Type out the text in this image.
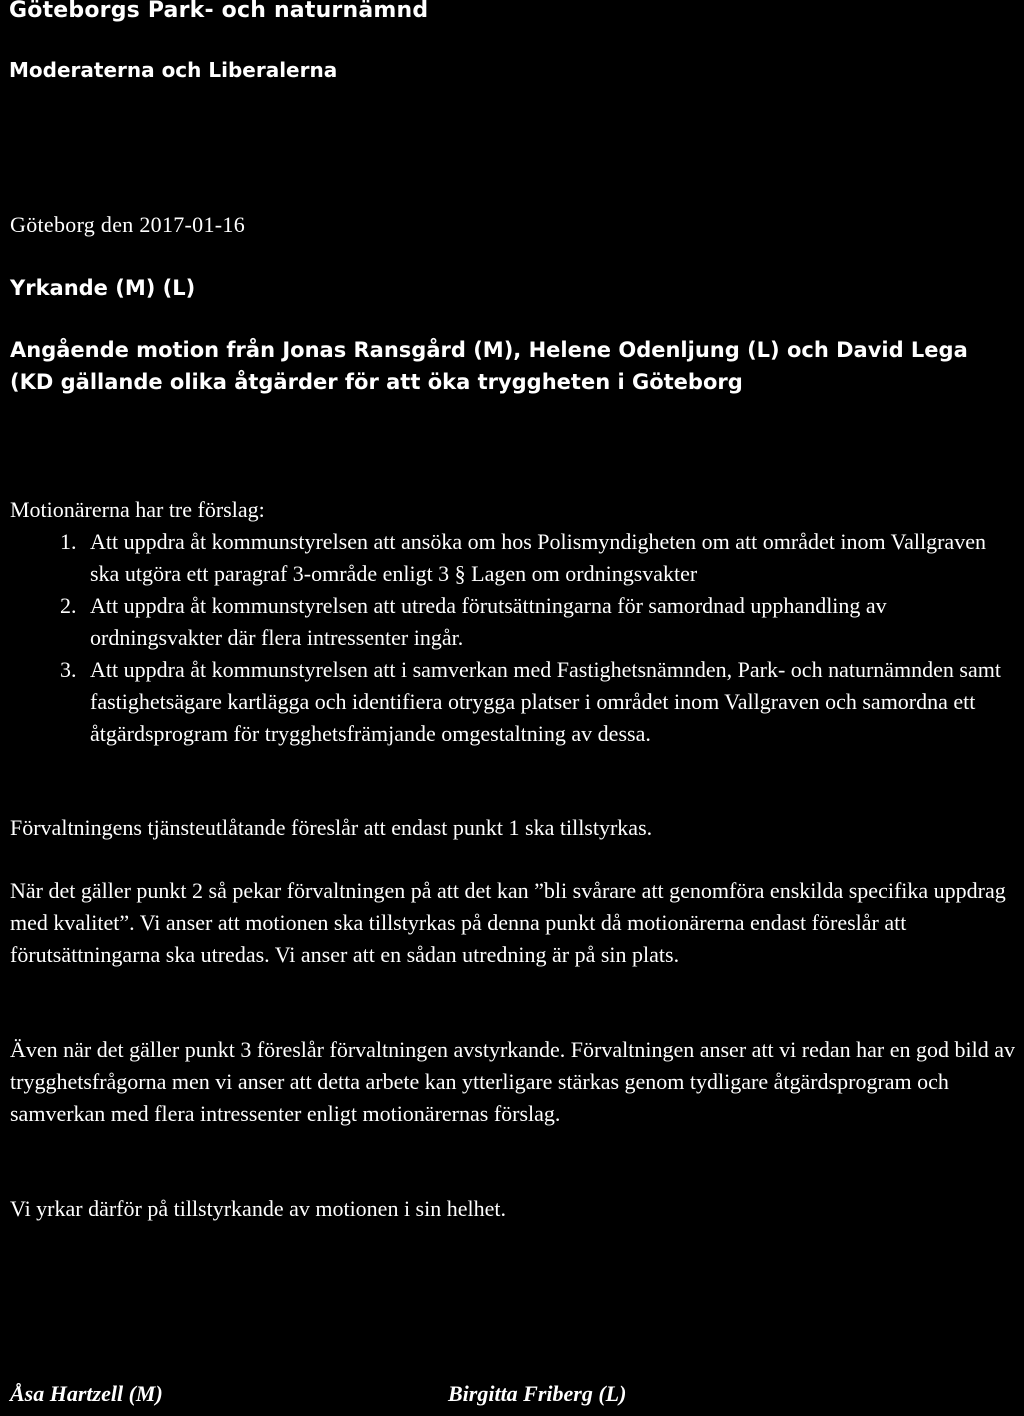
Göteborgs Park- och naturnämnd
Moderaterna och Liberalerna
Göteborg den 2017-01-16
Yrkande (M) (L)
Angående motion från Jonas Ransgård (M), Helene Odenljung (L) och David Lega (KD gällande olika åtgärder för att öka tryggheten i Göteborg
Motionärerna har tre förslag:
1. Att uppdra åt kommunstyrelsen att ansöka om hos Polismyndigheten om att området inom Vallgraven ska utgöra ett paragraf 3-område enligt 3 § Lagen om ordningsvakter
2. Att uppdra åt kommunstyrelsen att utreda förutsättningarna för samordnad upphandling av ordningsvakter där flera intressenter ingår.
3. Att uppdra åt kommunstyrelsen att i samverkan med Fastighetsnämnden, Park- och naturnämnden samt fastighetsägare kartlägga och identifiera otrygga platser i området inom Vallgraven och samordna ett åtgärdsprogram för trygghetsfrämjande omgestaltning av dessa.

Förvaltningens tjänsteutlåtande föreslår att endast punkt 1 ska tillstyrkas.

När det gäller punkt 2 så pekar förvaltningen på att det kan ”bli svårare att genomföra enskilda specifika uppdrag med kvalitet”. Vi anser att motionen ska tillstyrkas på denna punkt då motionärerna endast föreslår att förutsättningarna ska utredas. Vi anser att en sådan utredning är på sin plats.

Även när det gäller punkt 3 föreslår förvaltningen avstyrkande. Förvaltningen anser att vi redan har en god bild av trygghetsfrågorna men vi anser att detta arbete kan ytterligare stärkas genom tydligare åtgärdsprogram och samverkan med flera intressenter enligt motionärernas förslag.

Vi yrkar därför på tillstyrkande av motionen i sin helhet.

Åsa Hartzell (M)	Birgitta Friberg (L)
